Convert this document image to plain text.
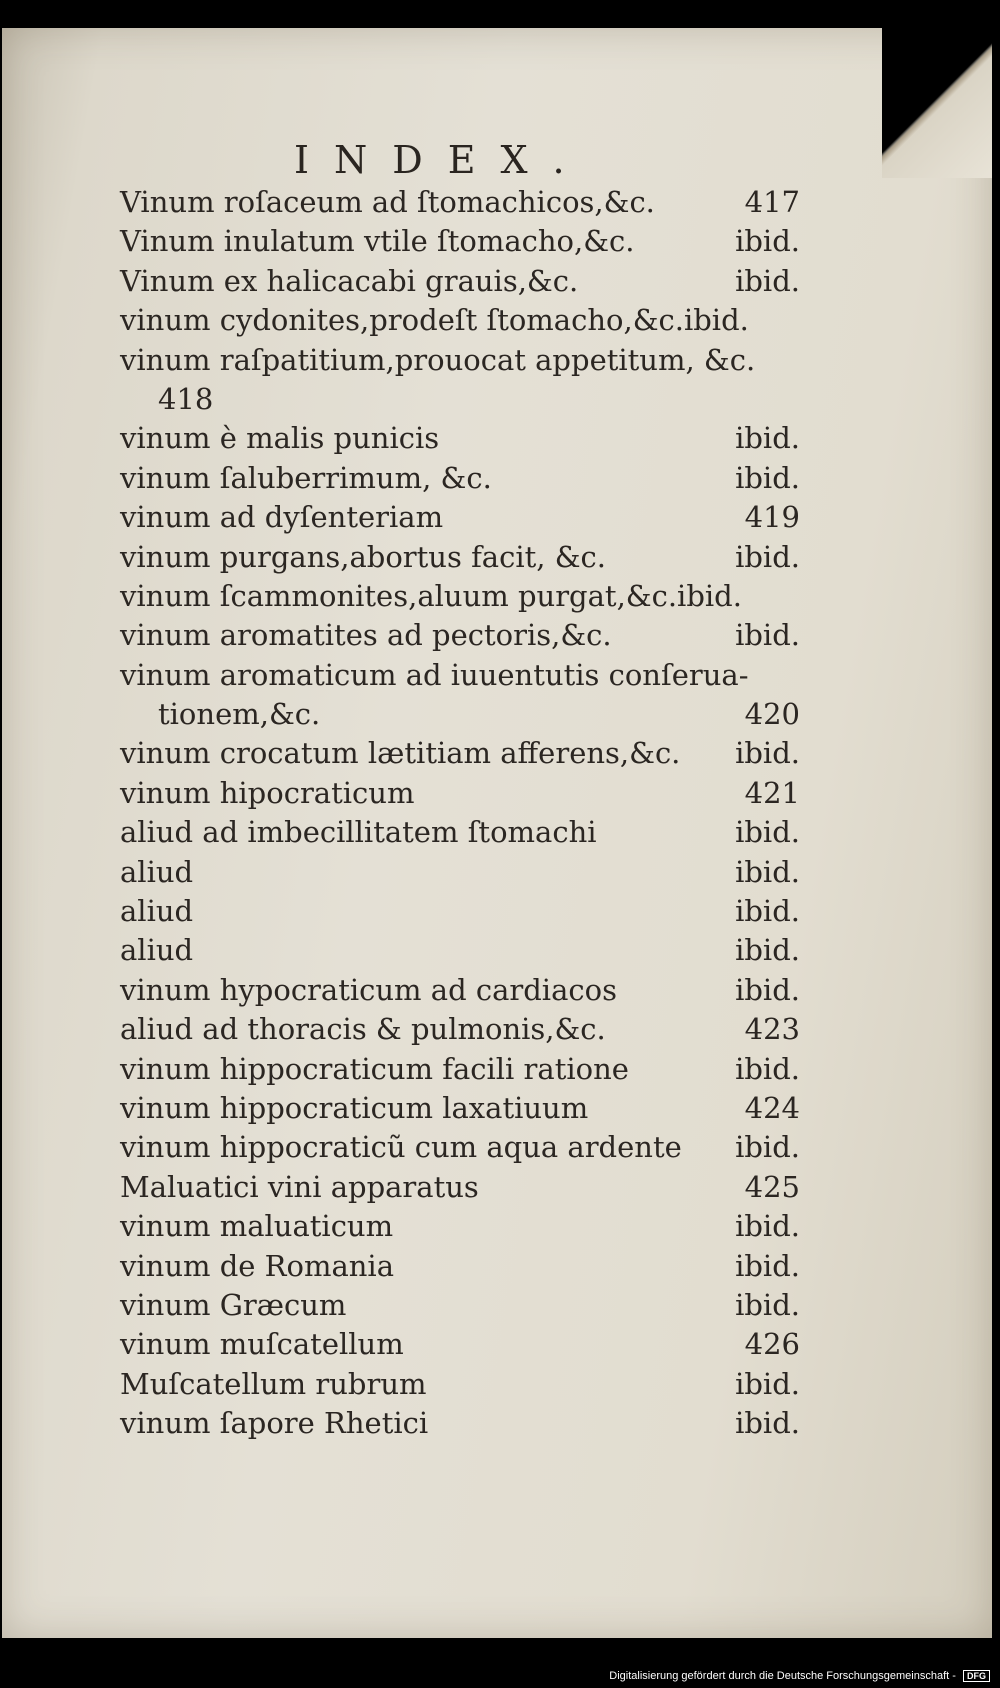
INDEX.
Vinum roſaceum ad ſtomachicos,&c.	417
Vinum inulatum vtile ſtomacho,&c.	ibid.
Vinum ex halicacabi grauis,&c.	ibid.
vinum cydonites,prodeſt ſtomacho,&c.ibid.
vinum raſpatitium,prouocat appetitum, &c.
418
vinum è malis punicis	ibid.
vinum ſaluberrimum, &c.	ibid.
vinum ad dyſenteriam	419
vinum purgans,abortus facit, &c.	ibid.
vinum ſcammonites,aluum purgat,&c.ibid.
vinum aromatites ad pectoris,&c.	ibid.
vinum aromaticum ad iuuentutis conſerua-
tionem,&c.	420
vinum crocatum lætitiam afferens,&c. ibid.
vinum hipocraticum	421
aliud ad imbecillitatem ſtomachi	ibid.
aliud	ibid.
aliud	ibid.
aliud	ibid.
vinum hypocraticum ad cardiacos	ibid.
aliud ad thoracis & pulmonis,&c.	423
vinum hippocraticum facili ratione	ibid.
vinum hippocraticum laxatiuum	424
vinum hippocraticũ cum aqua ardente ibid.
Maluatici vini apparatus	425
vinum maluaticum	ibid.
vinum de Romania	ibid.
vinum Græcum	ibid.
vinum muſcatellum	426
Muſcatellum rubrum	ibid.
vinum ſapore Rhetici	ibid.
Digitalisierung gefördert durch die Deutsche Forschungsgemeinschaft - DFG
